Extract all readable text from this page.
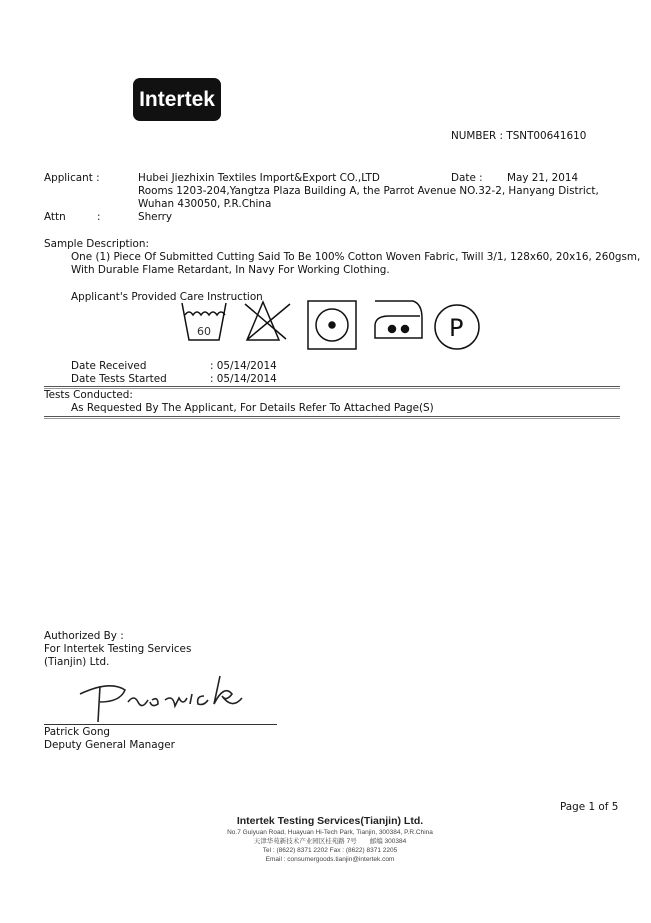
Intertek
NUMBER : TSNT00641610
Applicant :	Hubei Jiezhixin Textiles Import&Export CO.,LTD	Date : May 21, 2014
Rooms 1203-204,Yangtza Plaza Building A, the Parrot Avenue NO.32-2, Hanyang District,
Wuhan 430050, P.R.China
Attn	:	Sherry
Sample Description:
One (1) Piece Of Submitted Cutting Said To Be 100% Cotton Woven Fabric, Twill 3/1, 128x60, 20x16, 260gsm,
With Durable Flame Retardant, In Navy For Working Clothing.
Applicant's Provided Care Instruction
60	P
Date Received	: 05/14/2014
Date Tests Started	: 05/14/2014
Tests Conducted:
As Requested By The Applicant, For Details Refer To Attached Page(S)
Authorized By :
For Intertek Testing Services
(Tianjin) Ltd.
Patrick Gong
Deputy General Manager
Page 1 of 5
Intertek Testing Services(Tianjin) Ltd.
No.7 Guiyuan Road, Huayuan Hi-Tech Park, Tianjin, 300384, P.R.China
天津华苑新技术产业园区桂苑路 7号　　邮编 300384
Tel : (8622) 8371 2202 Fax : (8622) 8371 2205
Email : consumergoods.tianjin@intertek.com
